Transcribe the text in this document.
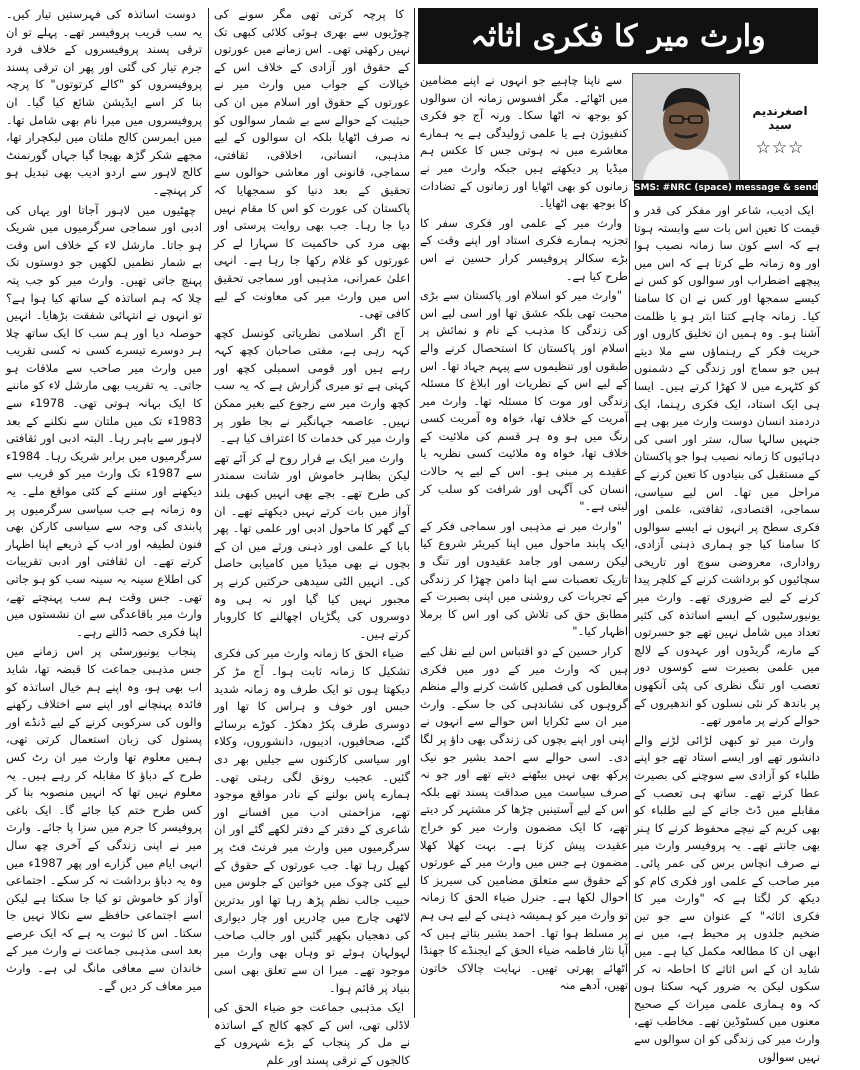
دوست اساتذہ کی فہرستیں تیار کیں۔ یہ سب قریب پروفیسر تھے۔ پہلے تو ان ترقی پسند پروفیسروں کے خلاف فرد جرم تیار کی گئی اور پھر ان ترقی پسند پروفیسروں کو "کالے کرتوتوں" کا پرچہ بنا کر اسے ایڈیشن شائع کیا گیا۔ ان پروفیسروں میں میرا نام بھی شامل تھا۔ میں ایمرسن کالج ملتان میں لیکچرار تھا، مجھے شکر گڑھ بھیجا گیا جہاں گورنمنٹ کالج لاہور سے اردو ادیب بھی تبدیل ہو کر پہنچے۔

چھٹیوں میں لاہور آجاتا اور یہاں کی ادبی اور سماجی سرگرمیوں میں شریک ہو جاتا۔ مارشل لاء کے خلاف اس وقت بے شمار نظمیں لکھیں جو دوستوں تک پہنچ جاتی تھیں۔ وارث میر کو جب پتہ چلا کہ ہم اساتذہ کے ساتھ کیا ہوا ہے؟ تو انہوں نے انتہائی شفقت بڑھایا۔ انہیں حوصلہ دیا اور ہم سب کا ایک ساتھ چلا ہر دوسرے تیسرے کسی نہ کسی تقریب میں وارث میر صاحب سے ملاقات ہو جاتی۔ یہ تقریب بھی مارشل لاء کو ماننے کا ایک بہانہ ہوتی تھی۔ 1978ء سے 1983ء تک میں ملتان سے نکلنے کے بعد لاہور سے باہر رہا۔ البتہ ادبی اور ثقافتی سرگرمیوں میں برابر شریک رہا۔ 1984ء سے 1987ء تک وارث میر کو قریب سے دیکھنے اور سننے کے کئی مواقع ملے۔ یہ وہ زمانہ ہے جب سیاسی سرگرمیوں پر پابندی کی وجہ سے سیاسی کارکن بھی فنون لطیفہ اور ادب کے ذریعے اپنا اظہار کرتے تھے۔ ان ثقافتی اور ادبی تقریبات کی اطلاع سینہ بہ سینہ سب کو ہو جاتی تھی۔ جس وقت ہم سب پہنچتے تھے، وارث میر باقاعدگی سے ان نشستوں میں اپنا فکری حصہ ڈالتے رہے۔

پنجاب یونیورسٹی پر اس زمانے میں جس مذہبی جماعت کا قبضہ تھا، شاید اب بھی ہو، وہ اپنے ہم خیال اساتذہ کو فائدہ پہنچانے اور اپنے سے اختلاف رکھنے والوں کی سرکوبی کرنے کے لیے ڈنڈے اور پستول کی زبان استعمال کرتی تھی، ہمیں معلوم تھا وارث میر ان رٹ کس طرح کے دباؤ کا مقابلہ کر رہے ہیں۔ یہ معلوم نہیں تھا کہ انہیں منصوبہ بنا کر کس طرح ختم کیا جائے گا۔ ایک باغی پروفیسر کا جرم میں سزا پا جائے۔ وارث میر نے اپنی زندگی کے آخری چھ سال انہی ایام میں گزارے اور پھر 1987ء میں وہ یہ دباؤ برداشت نہ کر سکے۔ اجتماعی آواز کو خاموش تو کیا جا سکتا ہے لیکن اسے اجتماعی حافظے سے نکالا نہیں جا سکتا۔ اس کا ثبوت یہ ہے کہ ایک عرصے بعد اسی مذہبی جماعت نے وارث میر کے خاندان سے معافی مانگ لی ہے۔ وارث میر معاف کر دیں گے۔

کا پرچہ کرتی تھی مگر سونے کی چوڑیوں سے بھری ہوئی کلائی کبھی تک نہیں رکھتی تھی۔ اس زمانے میں عورتوں کے حقوق اور آزادی کے خلاف اس کے خیالات کے جواب میں وارث میر نے عورتوں کے حقوق اور اسلام میں ان کی حیثیت کے حوالے سے بے شمار سوالوں کو نہ صرف اٹھایا بلکہ ان سوالوں کے لیے مذہبی، انسانی، اخلاقی، ثقافتی، سماجی، قانونی اور معاشی حوالوں سے تحقیق کے بعد دنیا کو سمجھایا کہ پاکستان کی عورت کو اس کا مقام نہیں دیا جا رہا۔ جب بھی روایت پرستی اور بھی مرد کی حاکمیت کا سہارا لے کر عورتوں کو غلام رکھا جا رہا ہے۔ انہی اعلیٰ عمرانی، مذہبی اور سماجی تحقیق اس میں وارث میر کی معاونت کے لیے کافی تھی۔

آج اگر اسلامی نظریاتی کونسل کچھ کہہ رہی ہے، مفتی صاحبان کچھ کہہ رہے ہیں اور قومی اسمبلی کچھ اور کہتی ہے تو میری گزارش ہے کہ یہ سب کچھ وارث میر سے رجوع کیے بغیر ممکن نہیں۔ عاصمہ جہانگیر نے بجا طور پر وارث میر کی خدمات کا اعتراف کیا ہے۔

وارث میر ایک بے قرار روح لے کر آئے تھے لیکن بظاہر خاموش اور شانت سمندر کی طرح تھے۔ بچے بھی انہیں کبھی بلند آواز میں بات کرتے نہیں دیکھتے تھے۔ ان کے گھر کا ماحول ادبی اور علمی تھا۔ پھر بابا کے علمی اور ذہنی ورثے میں ان کے بچوں نے بھی میڈیا میں کامیابی حاصل کی۔ انہیں الٹی سیدھی حرکتیں کرنے پر مجبور نہیں کیا گیا اور نہ ہی وہ دوسروں کی پگڑیاں اچھالنے کا کاروبار کرتے ہیں۔

ضیاء الحق کا زمانہ وارث میر کی فکری تشکیل کا زمانہ ثابت ہوا۔ آج مڑ کر دیکھتا ہوں تو ایک طرف وہ زمانہ شدید حبس اور خوف و ہراس کا تھا اور دوسری طرف پکڑ دھکڑ۔ کوڑے برسائے گئے، صحافیوں، ادیبوں، دانشوروں، وکلاء اور سیاسی کارکنوں سے جیلیں بھر دی گئیں۔ عجیب رونق لگی رہتی تھی۔ ہمارے پاس بولنے کے نادر مواقع موجود تھے، مزاحمتی ادب میں افسانے اور شاعری کے دفتر کے دفتر لکھے گئے اور ان سرگرمیوں میں وارث میر فرنٹ فٹ پر کھیل رہا تھا۔ جب عورتوں کے حقوق کے لیے کئی چوک میں خواتین کے جلوس میں حبیب جالب نظم پڑھ رہا تھا اور بدترین لاٹھی چارج میں چادریں اور چار دیواری کی دھجیاں بکھیر گئیں اور جالب صاحب لہولہان ہوئے تو وہاں بھی وارث میر موجود تھے۔ میرا ان سے تعلق بھی اسی بنیاد پر قائم ہوا۔

ایک مذہبی جماعت جو ضیاء الحق کی لاڈلی تھی، اس کے کچھ کالج کے اساتذہ نے مل کر پنجاب کے بڑے شہروں کے کالجوں کے ترقی پسند اور علم

وارث میر کا فکری اثاثہ
اصغرندیم سید
☆☆☆
SMS: #NRC (space) message & send to 8001

سے ناپنا چاہیے جو انہوں نے اپنے مضامین میں اٹھائے۔ مگر افسوس زمانہ ان سوالوں کو بوجھ نہ اٹھا سکا۔ ورنہ آج جو فکری کنفیوژن ہے یا علمی ژولیدگی ہے یہ ہمارے معاشرے میں نہ ہوتی جس کا عکس ہم میڈیا پر دیکھتے ہیں جبکہ وارث میر نے زمانوں کو بھی اٹھایا اور زمانوں کے تضادات کا بوجھ بھی اٹھایا۔

وارث میر کے علمی اور فکری سفر کا تجزیہ ہمارے فکری استاد اور اپنے وقت کے بڑے سکالر پروفیسر کرار حسین نے اس طرح کیا ہے۔

"وارث میر کو اسلام اور پاکستان سے بڑی محبت تھی بلکہ عشق تھا اور اسی لیے اس کی زندگی کا مذہب کے نام و نمائش پر اسلام اور پاکستان کا استحصال کرنے والے طبقوں اور تنظیموں سے پیہم جہاد تھا۔ اس کے لیے اس کے نظریات اور ابلاغ کا مسئلہ زندگی اور موت کا مسئلہ تھا۔ وارث میر آمریت کے خلاف تھا، خواہ وہ آمریت کسی رنگ میں ہو وہ ہر قسم کی ملائیت کے خلاف تھا، خواہ وہ ملائیت کسی نظریہ یا عقیدے پر مبنی ہو۔ اس کے لیے یہ حالات انسان کی آگہی اور شرافت کو سلب کر لیتی ہے۔"

"وارث میر نے مذہبی اور سماجی فکر کے ایک پابند ماحول میں اپنا کیریئر شروع کیا لیکن رسمی اور جامد عقیدوں اور تنگ و تاریک تعصبات سے اپنا دامن چھڑا کر زندگی کے تجربات کی روشنی میں اپنی بصیرت کے مطابق حق کی تلاش کی اور اس کا برملا اظہار کیا۔"

کرار حسین کے دو اقتباس اس لیے نقل کیے ہیں کہ وارث میر کے دور میں فکری مغالطوں کی فصلیں کاشت کرنے والے منظم گروہوں کی نشاندہی کی جا سکے۔ وارث میر ان سے ٹکرایا اس حوالے سے انہوں نے اپنی اور اپنے بچوں کی زندگی بھی داؤ پر لگا دی۔ اسی حوالے سے احمد بشیر جو نیک پرکھ بھی نہیں بیٹھنے دیتے تھے اور جو نہ صرف سیاست میں صداقت پسند تھے بلکہ اس کے لیے آستینیں چڑھا کر مشتہر کر دیتے تھے، کا ایک مضمون وارث میر کو خراج عقیدت پیش کرتا ہے۔ بہت کھلا کھلا مضمون ہے جس میں وارث میر کے عورتوں کے حقوق سے متعلق مضامین کی سیریز کا احوال لکھا ہے۔ جنرل ضیاء الحق کا زمانہ تو وارث میر کو ہمیشہ ذہنی کے لیے ہی ہم پر مسلط ہوا تھا۔ احمد بشیر بتاتے ہیں کہ آپا نثار فاطمہ ضیاء الحق کے ایجنڈے کا جھنڈا اٹھائے پھرتی تھیں۔ نہایت چالاک خاتون تھیں، آدھے منہ

ایک ادیب، شاعر اور مفکر کی قدر و قیمت کا تعین اس بات سے وابستہ ہوتا ہے کہ اسے کون سا زمانہ نصیب ہوا اور وہ زمانہ طے کرتا ہے کہ اس میں پیچھے اضطراب اور سوالوں کو کس نے کیسے سمجھا اور کس نے ان کا سامنا کیا۔ زمانہ چاہے کتنا ابتر ہو یا ظلمت آشنا ہو۔ وہ ہمیں ان تخلیق کاروں اور حریت فکر کے رہنماؤں سے ملا دیتے ہیں جو سماج اور زندگی کے دشمنوں کو کٹہرے میں لا کھڑا کرتے ہیں۔ ایسا ہی ایک استاد، ایک فکری رہنما، ایک دردمند انسان دوست وارث میر بھی ہے جنہیں سالہا سال، ستر اور اسی کی دہائیوں کا زمانہ نصیب ہوا جو پاکستان کے مستقبل کی بنیادوں کا تعین کرنے کے مراحل میں تھا۔ اس لیے سیاسی، سماجی، اقتصادی، ثقافتی، علمی اور فکری سطح پر انہوں نے ایسے سوالوں کا سامنا کیا جو ہماری ذہنی آزادی، رواداری، معروضی سوچ اور تاریخی سچائیوں کو برداشت کرنے کے کلچر پیدا کرنے کے لیے ضروری تھے۔ وارث میر یونیورسٹیوں کے ایسے اساتذہ کی کثیر تعداد میں شامل نہیں تھے جو حسرتوں کے مارے، گریڈوں اور عہدوں کے لالچ میں علمی بصیرت سے کوسوں دور تعصب اور تنگ نظری کی پٹی آنکھوں پر باندھ کر نئی نسلوں کو اندھیروں کے حوالے کرنے پر مامور تھے۔

وارث میر تو کبھی لڑائی لڑنے والے دانشور تھے اور ایسے استاد تھے جو اپنے طلباء کو آزادی سے سوچنے کی بصیرت عطا کرتے تھے۔ ساتھ ہی تعصب کے مقابلے میں ڈٹ جانے کے لیے طلباء کو بھی کریم کے نیچے محفوظ کرنے کا ہنر بھی جانتے تھے۔ یہ پروفیسر وارث میر نے صرف انچاس برس کی عمر پائی۔ میر صاحب کے علمی اور فکری کام کو دیکھ کر لگتا ہے کہ "وارث میر کا فکری اثاثہ" کے عنوان سے جو تین ضخیم جلدوں پر محیط ہے، میں نے ابھی ان کا مطالعہ مکمل کیا ہے۔ میں شاید ان کے اس اثاثے کا احاطہ نہ کر سکوں لیکن یہ ضرور کہہ سکتا ہوں کہ وہ ہماری علمی میراث کے صحیح معنوں میں کسٹوڈین تھے۔ مخاطب تھے، وارث میر کی زندگی کو ان سوالوں سے نہیں سوالوں
